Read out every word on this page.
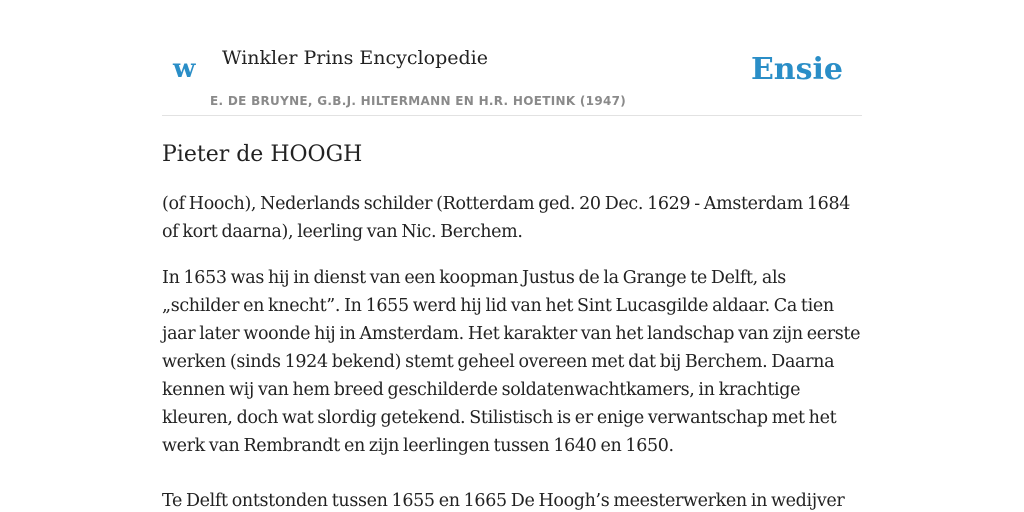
w Winkler Prins Encyclopedie
E. DE BRUYNE, G.B.J. HILTERMANN EN H.R. HOETINK (1947)
Ensie
Pieter de HOOGH

(of Hooch), Nederlands schilder (Rotterdam ged. 20 Dec. 1629 - Amsterdam 1684 of kort daarna), leerling van Nic. Berchem.

In 1653 was hij in dienst van een koopman Justus de la Grange te Delft, als „schilder en knecht”. In 1655 werd hij lid van het Sint Lucasgilde aldaar. Ca tien jaar later woonde hij in Amsterdam. Het karakter van het landschap van zijn eerste werken (sinds 1924 bekend) stemt geheel overeen met dat bij Berchem. Daarna kennen wij van hem breed geschilderde soldatenwachtkamers, in krachtige kleuren, doch wat slordig getekend. Stilistisch is er enige verwantschap met het werk van Rembrandt en zijn leerlingen tussen 1640 en 1650.

Te Delft ontstonden tussen 1655 en 1665 De Hoogh’s meesterwerken in wedijver
